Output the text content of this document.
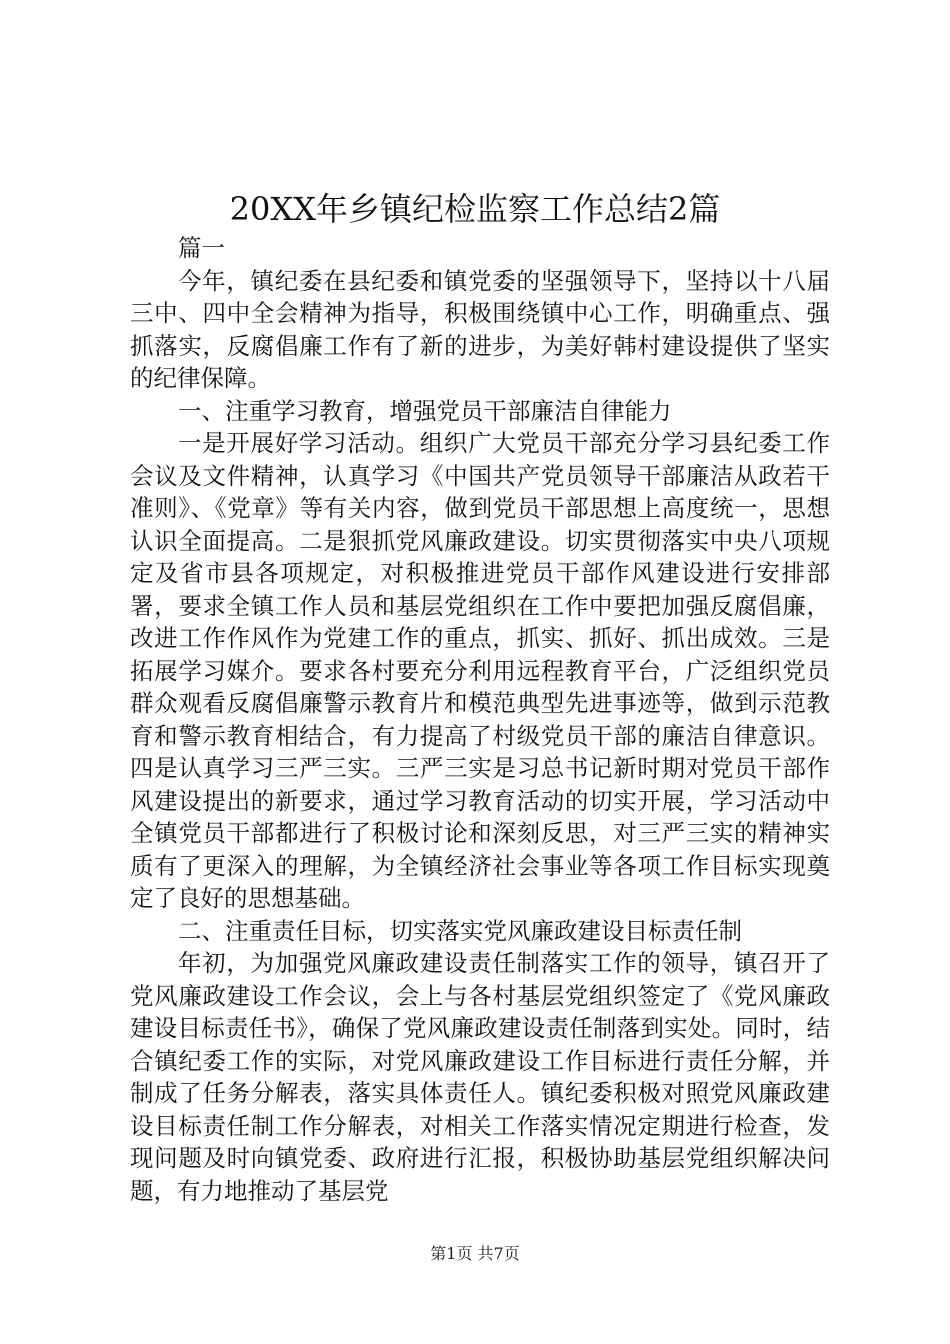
20XX年乡镇纪检监察工作总结2篇

篇一

今年，镇纪委在县纪委和镇党委的坚强领导下，坚持以十八届三中、四中全会精神为指导，积极围绕镇中心工作，明确重点、强抓落实，反腐倡廉工作有了新的进步，为美好韩村建设提供了坚实的纪律保障。

一、注重学习教育，增强党员干部廉洁自律能力

一是开展好学习活动。组织广大党员干部充分学习县纪委工作会议及文件精神，认真学习《中国共产党员领导干部廉洁从政若干准则》、《党章》等有关内容，做到党员干部思想上高度统一，思想认识全面提高。二是狠抓党风廉政建设。切实贯彻落实中央八项规定及省市县各项规定，对积极推进党员干部作风建设进行安排部署，要求全镇工作人员和基层党组织在工作中要把加强反腐倡廉，改进工作作风作为党建工作的重点，抓实、抓好、抓出成效。三是拓展学习媒介。要求各村要充分利用远程教育平台，广泛组织党员群众观看反腐倡廉警示教育片和模范典型先进事迹等，做到示范教育和警示教育相结合，有力提高了村级党员干部的廉洁自律意识。四是认真学习三严三实。三严三实是习总书记新时期对党员干部作风建设提出的新要求，通过学习教育活动的切实开展，学习活动中全镇党员干部都进行了积极讨论和深刻反思，对三严三实的精神实质有了更深入的理解，为全镇经济社会事业等各项工作目标实现奠定了良好的思想基础。

二、注重责任目标，切实落实党风廉政建设目标责任制

年初，为加强党风廉政建设责任制落实工作的领导，镇召开了党风廉政建设工作会议，会上与各村基层党组织签定了《党风廉政建设目标责任书》，确保了党风廉政建设责任制落到实处。同时，结合镇纪委工作的实际，对党风廉政建设工作目标进行责任分解，并制成了任务分解表，落实具体责任人。镇纪委积极对照党风廉政建设目标责任制工作分解表，对相关工作落实情况定期进行检查，发现问题及时向镇党委、政府进行汇报，积极协助基层党组织解决问题，有力地推动了基层党

第1页 共7页
